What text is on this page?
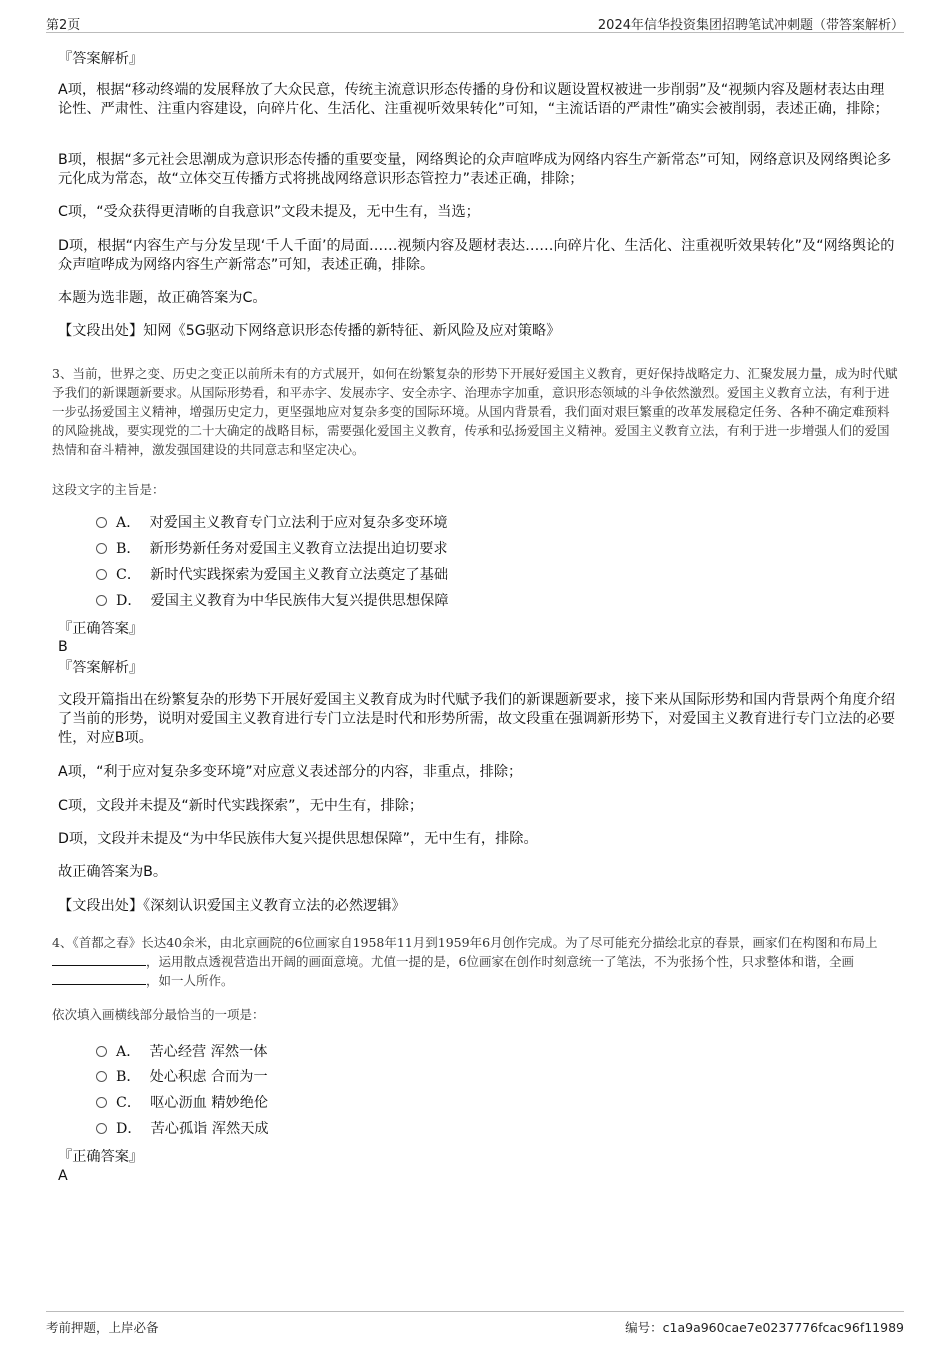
第2页	2024年信华投资集团招聘笔试冲刺题（带答案解析）
『答案解析』
A项，根据“移动终端的发展释放了大众民意，传统主流意识形态传播的身份和议题设置权被进一步削弱”及“视频内容及题材表达由理论性、严肃性、注重内容建设，向碎片化、生活化、注重视听效果转化”可知，“主流话语的严肃性”确实会被削弱，表述正确，排除；
B项，根据“多元社会思潮成为意识形态传播的重要变量，网络舆论的众声喧哗成为网络内容生产新常态”可知，网络意识及网络舆论多元化成为常态，故“立体交互传播方式将挑战网络意识形态管控力”表述正确，排除；
C项，“受众获得更清晰的自我意识”文段未提及，无中生有，当选；
D项，根据“内容生产与分发呈现‘千人千面’的局面……视频内容及题材表达……向碎片化、生活化、注重视听效果转化”及“网络舆论的众声喧哗成为网络内容生产新常态”可知，表述正确，排除。
本题为选非题，故正确答案为C。
【文段出处】知网《5G驱动下网络意识形态传播的新特征、新风险及应对策略》
3、当前，世界之变、历史之变正以前所未有的方式展开，如何在纷繁复杂的形势下开展好爱国主义教育，更好保持战略定力、汇聚发展力量，成为时代赋予我们的新课题新要求。从国际形势看，和平赤字、发展赤字、安全赤字、治理赤字加重，意识形态领域的斗争依然激烈。爱国主义教育立法，有利于进一步弘扬爱国主义精神，增强历史定力，更坚强地应对复杂多变的国际环境。从国内背景看，我们面对艰巨繁重的改革发展稳定任务、各种不确定难预料的风险挑战，要实现党的二十大确定的战略目标，需要强化爱国主义教育，传承和弘扬爱国主义精神。爱国主义教育立法，有利于进一步增强人们的爱国热情和奋斗精神，激发强国建设的共同意志和坚定决心。
这段文字的主旨是：
A． 对爱国主义教育专门立法利于应对复杂多变环境
B． 新形势新任务对爱国主义教育立法提出迫切要求
C． 新时代实践探索为爱国主义教育立法奠定了基础
D． 爱国主义教育为中华民族伟大复兴提供思想保障
『正确答案』
B
『答案解析』
文段开篇指出在纷繁复杂的形势下开展好爱国主义教育成为时代赋予我们的新课题新要求，接下来从国际形势和国内背景两个角度介绍了当前的形势，说明对爱国主义教育进行专门立法是时代和形势所需，故文段重在强调新形势下，对爱国主义教育进行专门立法的必要性，对应B项。
A项，“利于应对复杂多变环境”对应意义表述部分的内容，非重点，排除；
C项，文段并未提及“新时代实践探索”，无中生有，排除；
D项，文段并未提及“为中华民族伟大复兴提供思想保障”，无中生有，排除。
故正确答案为B。
【文段出处】《深刻认识爱国主义教育立法的必然逻辑》
4、《首都之春》长达40余米，由北京画院的6位画家自1958年11月到1959年6月创作完成。为了尽可能充分描绘北京的春景，画家们在构图和布局上，运用散点透视营造出开阔的画面意境。尤值一提的是，6位画家在创作时刻意统一了笔法，不为张扬个性，只求整体和谐，全画，如一人所作。
依次填入画横线部分最恰当的一项是：
A． 苦心经营 浑然一体
B． 处心积虑 合而为一
C． 呕心沥血 精妙绝伦
D． 苦心孤诣 浑然天成
『正确答案』
A
考前押题，上岸必备	编号：c1a9a960cae7e0237776fcac96f11989
